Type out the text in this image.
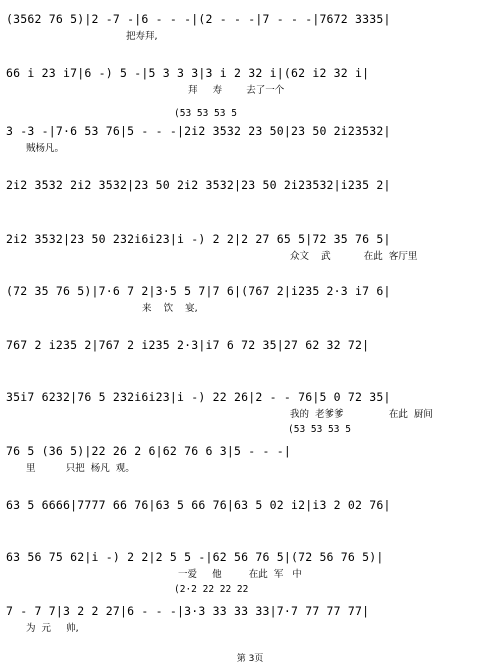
(3562 76 5)|2 -7 -|6 - - -|(2 - - -|7 - - -|7672 3335|
把寿拜,
(53 53 53 5
66 i 23 i7|6 -) 5 -|5 3 3 3|3 i 2 32 i|(62 i2 32 i|
拜     寿        去了一个
3 -3 -|7·6 53 76|5 - - -|2i2 3532 23 50|23 50 2i23532|
贼杨凡。
2i2 3532 2i2 3532|23 50 2i2 3532|23 50 2i23532|i235 2|
2i2 3532|23 50 232i6i23|i -) 2 2|2 27 65 5|72 35 76 5|
众文    武           在此  客厅里
(72 35 76 5)|7·6 7 2|3·5 5 7|7 6|(767 2|i235 2·3 i7 6|
来    饮    宴,
767 2 i235 2|767 2 i235 2·3|i7 6 72 35|27 62 32 72|
35i7 6232|76 5 232i6i23|i -) 22 26|2 - - 76|5 0 72 35|
我的  老爹爹               在此  厨间
(53 53 53 5
76 5 (36 5)|22 26 2 6|62 76 6 3|5 - - -|
里          只把  杨凡  观。
63 5 6666|7777 66 76|63 5 66 76|63 5 02 i2|i3 2 02 76|
63 56 75 62|i -) 2 2|2 5 5 -|62 56 76 5|(72 56 76 5)|
一爱     他         在此  军   中
(2·2 22 22 22
7 - 7 7|3 2 2 27|6 - - -|3·3 33 33 33|7·7 77 77 77|
为  元     帅,
第 3页
